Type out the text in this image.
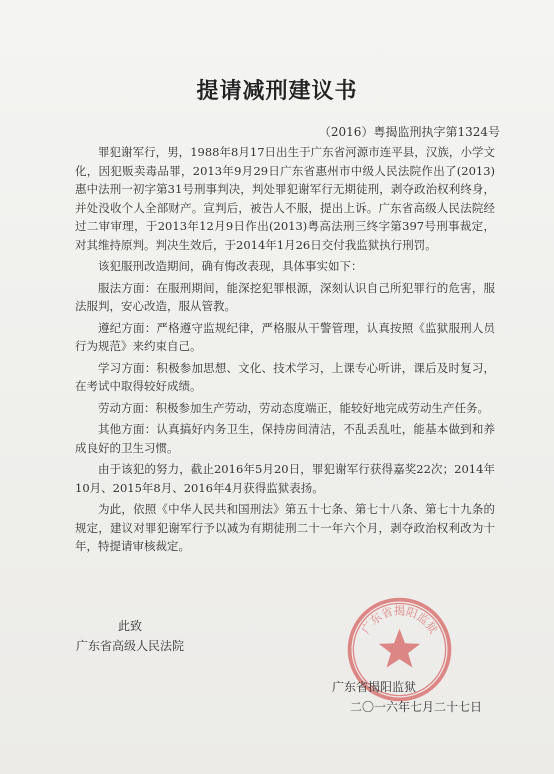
提请减刑建议书
（2016）粤揭监刑执字第1324号

罪犯谢军行，男，1988年8月17日出生于广东省河源市连平县，汉族，小学文化，因犯贩卖毒品罪，2013年9月29日广东省惠州市中级人民法院作出了(2013)惠中法刑一初字第31号刑事判决，判处罪犯谢军行无期徒刑，剥夺政治权利终身，并处没收个人全部财产。宣判后，被告人不服，提出上诉。广东省高级人民法院经过二审审理，于2013年12月9日作出(2013)粤高法刑三终字第397号刑事裁定，对其维持原判。判决生效后，于2014年1月26日交付我监狱执行刑罚。

该犯服刑改造期间，确有悔改表现，具体事实如下：

服法方面：在服刑期间，能深挖犯罪根源，深刻认识自己所犯罪行的危害，服法服判，安心改造，服从管教。

遵纪方面：严格遵守监规纪律，严格服从干警管理，认真按照《监狱服刑人员行为规范》来约束自己。

学习方面：积极参加思想、文化、技术学习，上课专心听讲，课后及时复习，在考试中取得较好成绩。

劳动方面：积极参加生产劳动，劳动态度端正，能较好地完成劳动生产任务。

其他方面：认真搞好内务卫生，保持房间清洁，不乱丢乱吐，能基本做到和养成良好的卫生习惯。

由于该犯的努力，截止2016年5月20日，罪犯谢军行获得嘉奖22次；2014年10月、2015年8月、2016年4月获得监狱表扬。

为此，依照《中华人民共和国刑法》第五十七条、第七十八条、第七十九条的规定，建议对罪犯谢军行予以减为有期徒刑二十一年六个月，剥夺政治权利改为十年，特提请审核裁定。

此致
广东省高级人民法院
广东省揭阳监狱
广东省揭阳监狱
二〇一六年七月二十七日
